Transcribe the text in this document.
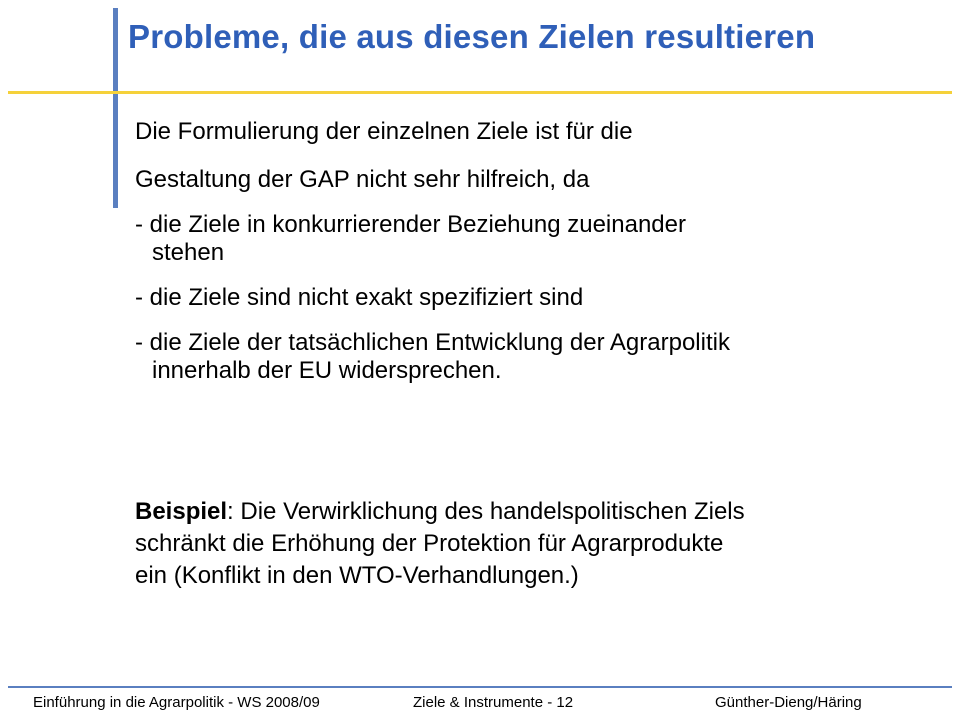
Probleme, die aus diesen Zielen resultieren
Die Formulierung der einzelnen Ziele ist für die
Gestaltung der GAP nicht sehr hilfreich, da
- die Ziele in konkurrierender Beziehung zueinander
stehen
- die Ziele sind nicht exakt spezifiziert sind
- die Ziele der tatsächlichen Entwicklung der Agrarpolitik
innerhalb der EU widersprechen.
Beispiel: Die Verwirklichung des handelspolitischen Ziels
schränkt die Erhöhung der Protektion für Agrarprodukte
ein (Konflikt in den WTO-Verhandlungen.)
Einführung in die Agrarpolitik - WS 2008/09	Ziele & Instrumente - 12	Günther-Dieng/Häring
